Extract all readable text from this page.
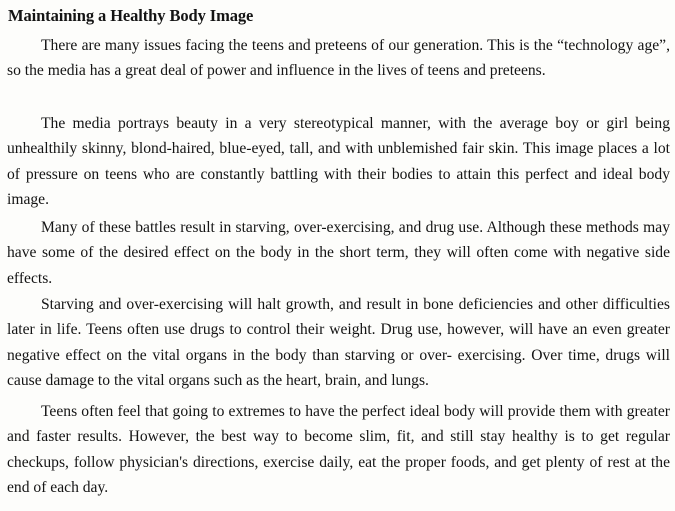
Maintaining a Healthy Body Image

There are many issues facing the teens and preteens of our generation. This is the “technology age”, so the media has a great deal of power and influence in the lives of teens and preteens.

The media portrays beauty in a very stereotypical manner, with the average boy or girl being unhealthily skinny, blond-haired, blue-eyed, tall, and with unblemished fair skin. This image places a lot of pressure on teens who are constantly battling with their bodies to attain this perfect and ideal body image.

Many of these battles result in starving, over-exercising, and drug use. Although these methods may have some of the desired effect on the body in the short term, they will often come with negative side effects.

Starving and over-exercising will halt growth, and result in bone deficiencies and other difficulties later in life. Teens often use drugs to control their weight. Drug use, however, will have an even greater negative effect on the vital organs in the body than starving or over- exercising. Over time, drugs will cause damage to the vital organs such as the heart, brain, and lungs.

Teens often feel that going to extremes to have the perfect ideal body will provide them with greater and faster results. However, the best way to become slim, fit, and still stay healthy is to get regular checkups, follow physician's directions, exercise daily, eat the proper foods, and get plenty of rest at the end of each day.
